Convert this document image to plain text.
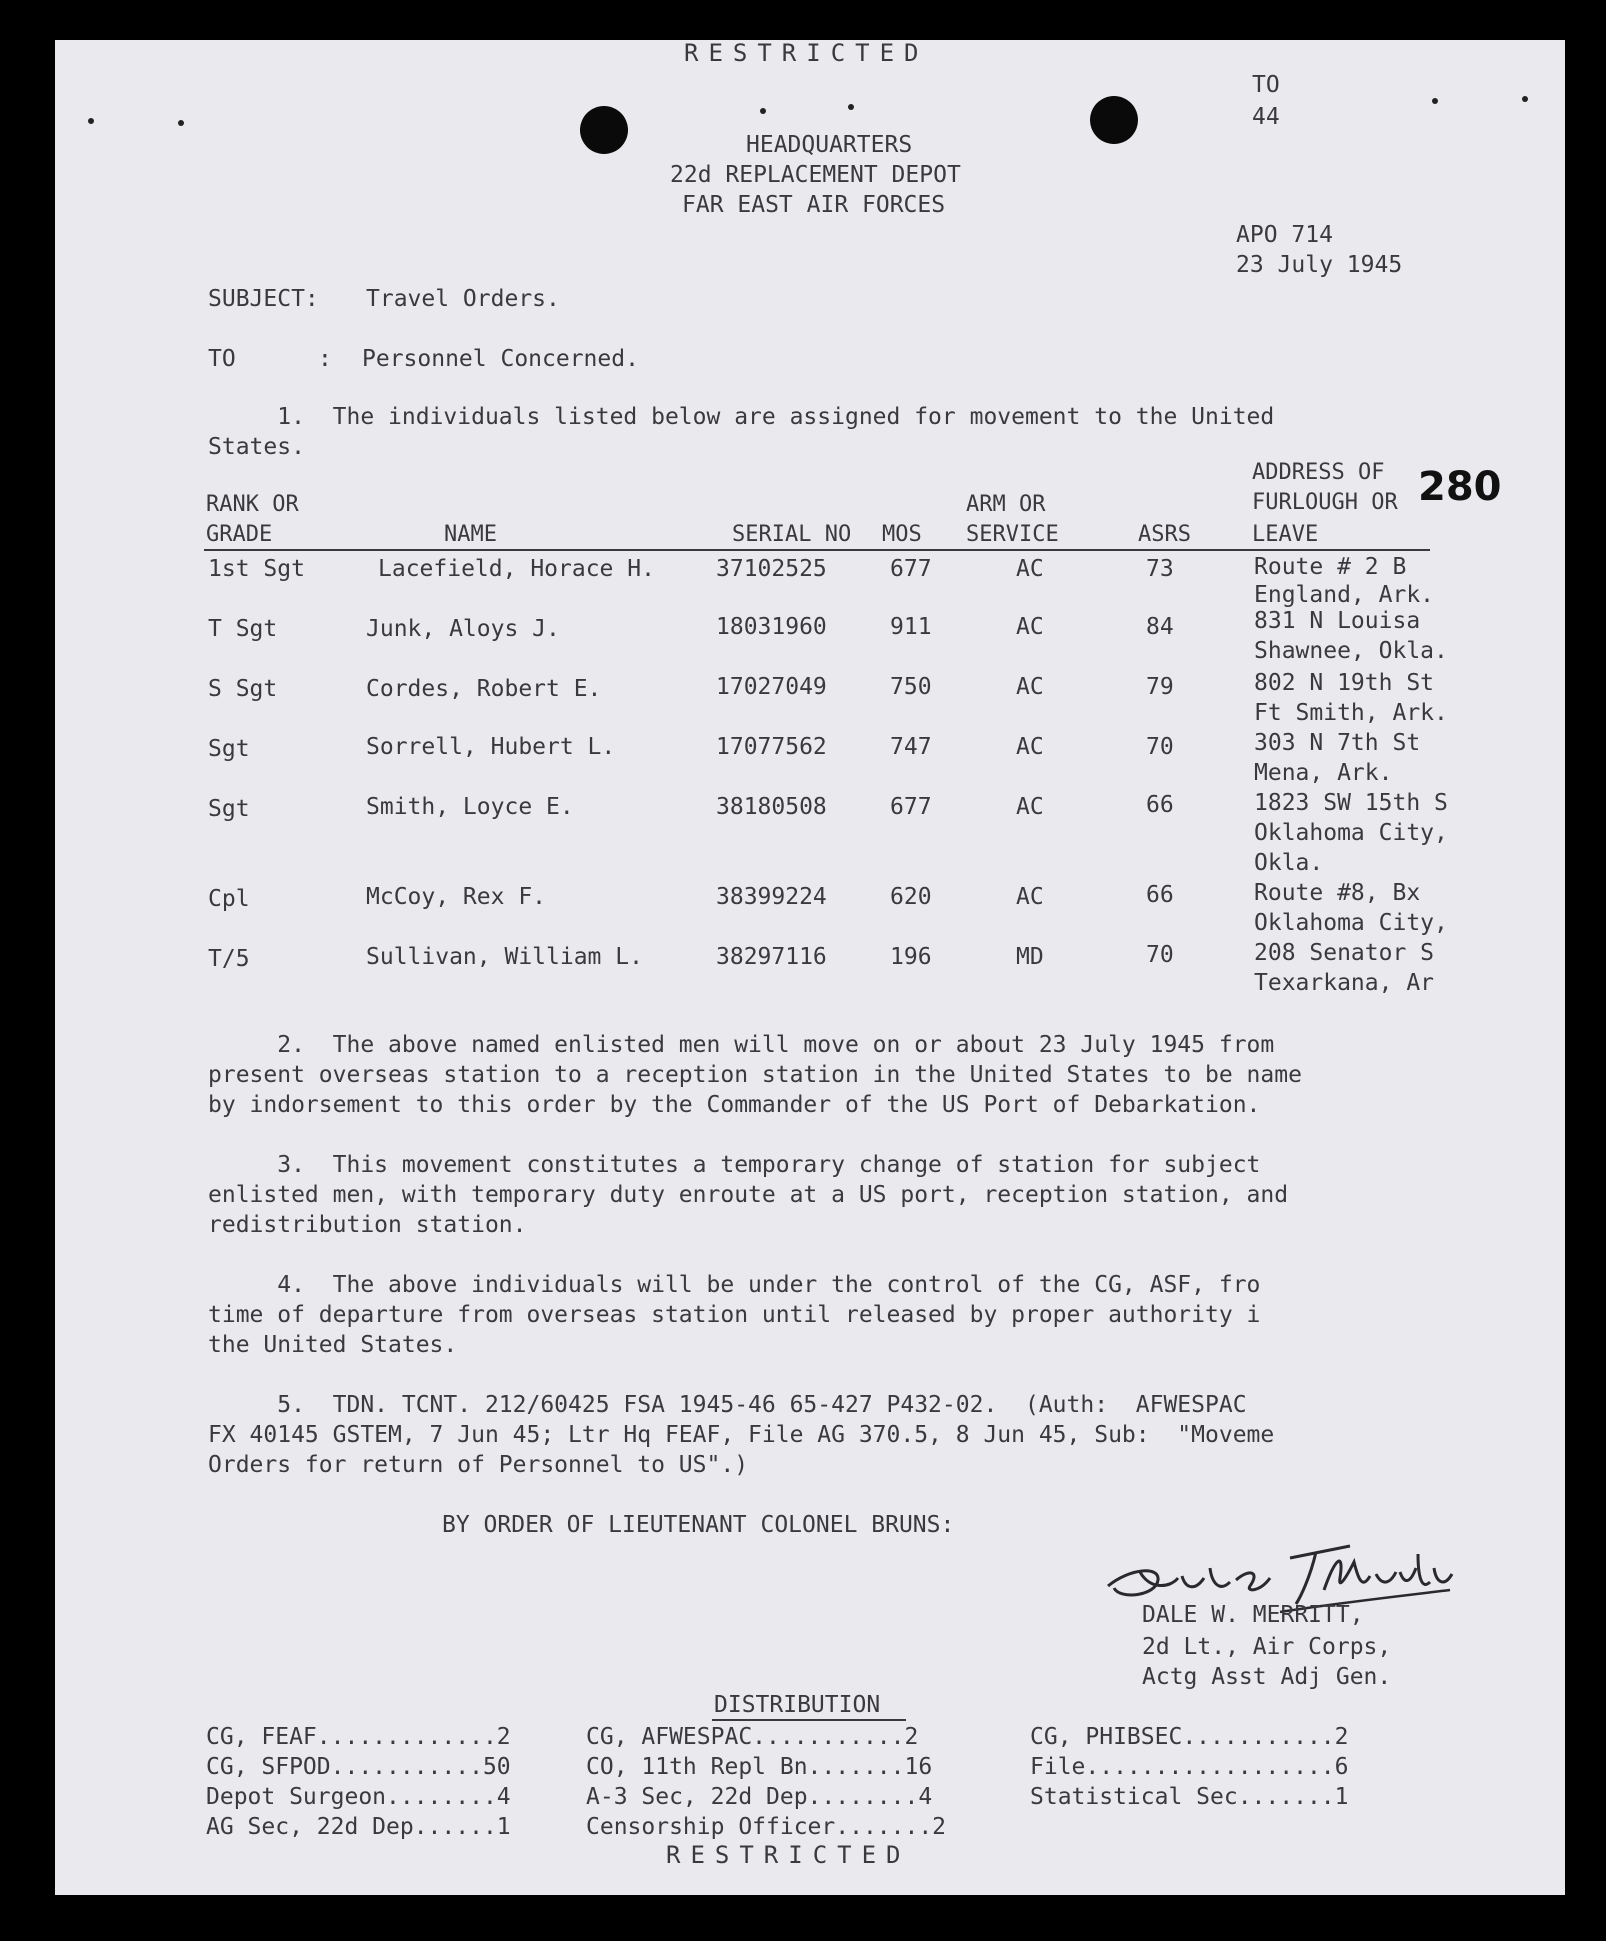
RESTRICTED
TO
44
HEADQUARTERS
22d REPLACEMENT DEPOT
FAR EAST AIR FORCES
APO 714
23 July 1945
SUBJECT: Travel Orders.
TO	: Personnel Concerned.
1.  The individuals listed below are assigned for movement to the United
States.
280
RANK OR
GRADE	NAME	SERIAL NO MOS
ARM OR
SERVICE	ASRS
ADDRESS OF
FURLOUGH OR
LEAVE
1st Sgt	Lacefield, Horace H.	37102525	677	AC	73	Route # 2 B
England, Ark.
T Sgt	Junk, Aloys J.	18031960	911	AC	84	831 N Louisa
Shawnee, Okla.
S Sgt	Cordes, Robert E.	17027049	750	AC	79	802 N 19th St
Ft Smith, Ark.
Sgt	Sorrell, Hubert L.	17077562	747	AC	70	303 N 7th St
Mena, Ark.
Sgt	Smith, Loyce E.	38180508	677	AC	66	1823 SW 15th S
Oklahoma City,
Okla.
Cpl	McCoy, Rex F.	38399224	620	AC	66	Route #8, Bx
Oklahoma City,
T/5	Sullivan, William L.	38297116	196	MD	70	208 Senator S
Texarkana, Ar
2.  The above named enlisted men will move on or about 23 July 1945 from
present overseas station to a reception station in the United States to be name
by indorsement to this order by the Commander of the US Port of Debarkation.
3.  This movement constitutes a temporary change of station for subject
enlisted men, with temporary duty enroute at a US port, reception station, and
redistribution station.
4.  The above individuals will be under the control of the CG, ASF, fro
time of departure from overseas station until released by proper authority i
the United States.
5.  TDN. TCNT. 212/60425 FSA 1945-46 65-427 P432-02.  (Auth:  AFWESPAC
FX 40145 GSTEM, 7 Jun 45; Ltr Hq FEAF, File AG 370.5, 8 Jun 45, Sub:  "Moveme
Orders for return of Personnel to US".)
BY ORDER OF LIEUTENANT COLONEL BRUNS:
DALE W. MERRITT,
2d Lt., Air Corps,
Actg Asst Adj Gen.
DISTRIBUTION
CG, FEAF.............2
CG, SFPOD...........50
Depot Surgeon........4
AG Sec, 22d Dep......1
CG, AFWESPAC...........2
CO, 11th Repl Bn.......16
A-3 Sec, 22d Dep........4
Censorship Officer.......2
CG, PHIBSEC...........2
File..................6
Statistical Sec.......1
RESTRICTED
